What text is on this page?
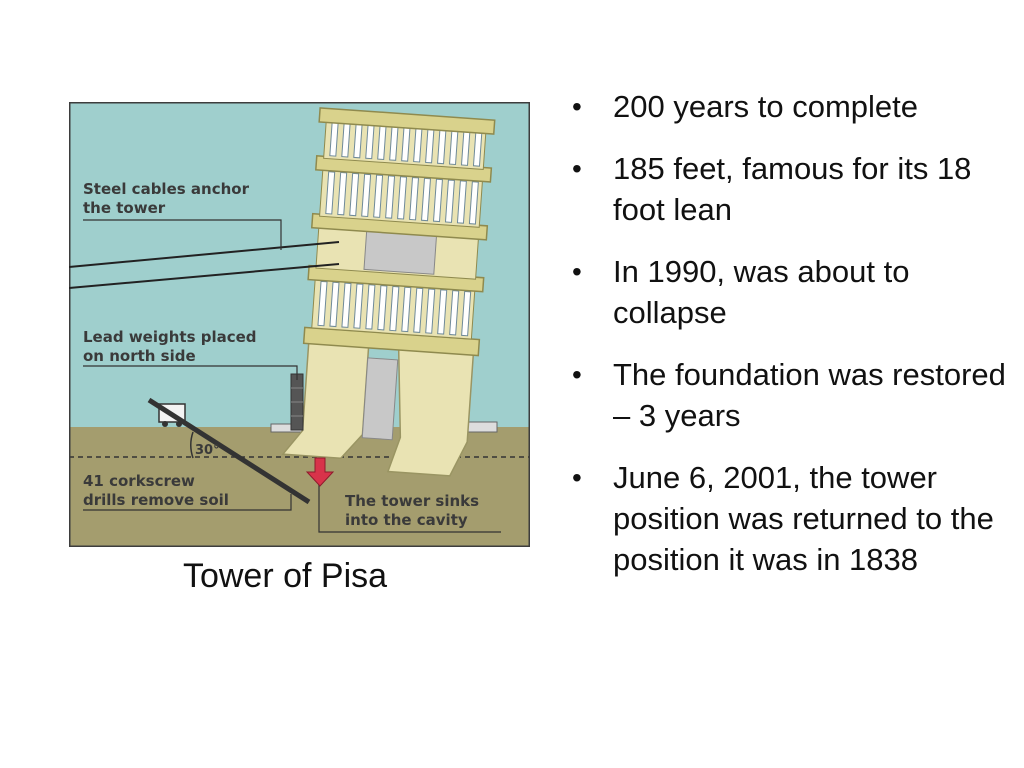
Steel cables anchor
the tower
Lead weights placed
on north side
30°
41 corkscrew
drills remove soil	The tower sinks
into the cavity
Tower of Pisa
• 200 years to complete
• 185 feet, famous for its 18 foot lean
• In 1990, was about to collapse
• The foundation was restored – 3 years
• June 6, 2001, the tower position was returned to the position it was in 1838
